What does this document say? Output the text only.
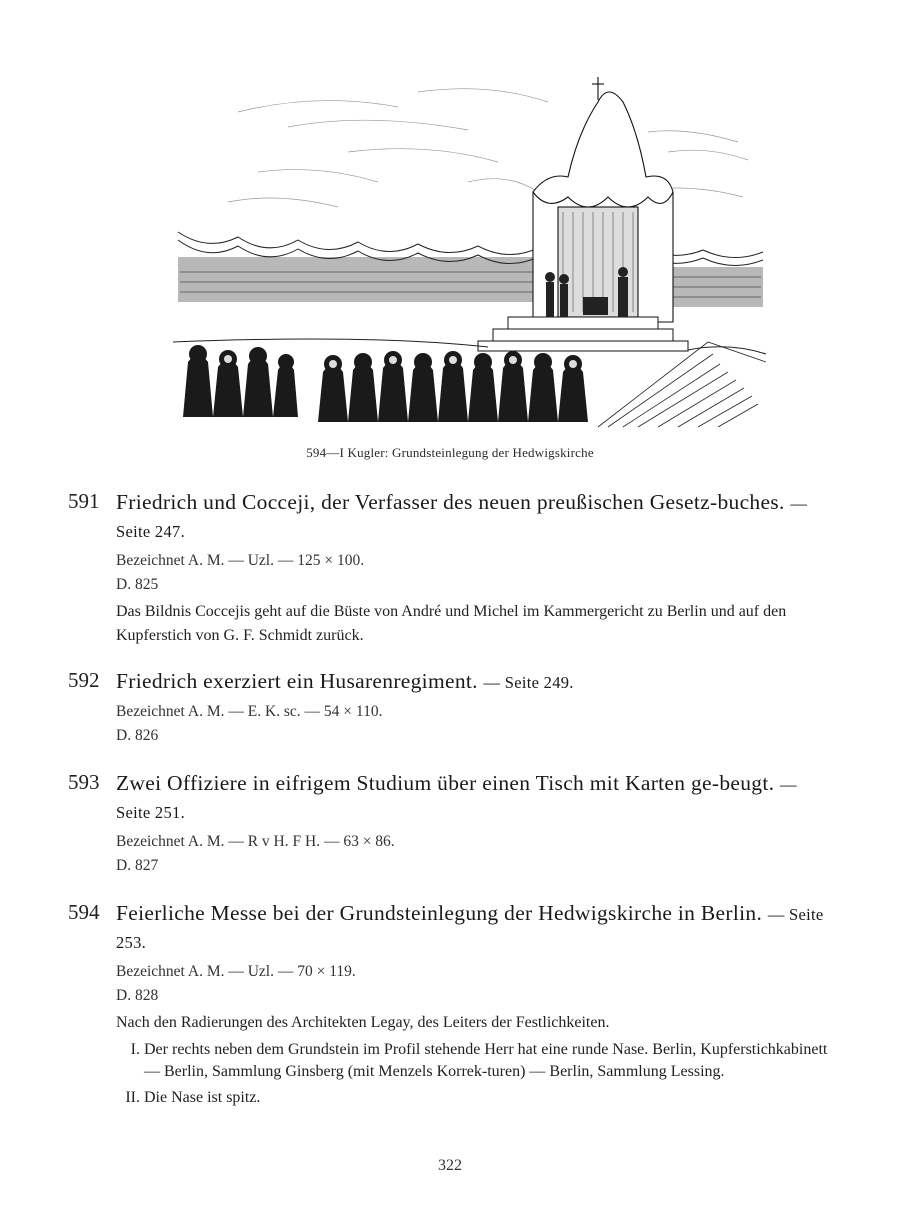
594—I Kugler: Grundsteinlegung der Hedwigskirche
591 Friedrich und Cocceji, der Verfasser des neuen preußischen Gesetz-buches. — Seite 247.
Bezeichnet A. M. — Uzl. — 125 × 100.
D. 825
Das Bildnis Coccejis geht auf die Büste von André und Michel im Kammergericht zu Berlin und auf den Kupferstich von G. F. Schmidt zurück.
592 Friedrich exerziert ein Husarenregiment. — Seite 249.
Bezeichnet A. M. — E. K. sc. — 54 × 110.
D. 826
593 Zwei Offiziere in eifrigem Studium über einen Tisch mit Karten ge-beugt. — Seite 251.
Bezeichnet A. M. — R v H. F H. — 63 × 86.
D. 827
594 Feierliche Messe bei der Grundsteinlegung der Hedwigskirche in Berlin. — Seite 253.
Bezeichnet A. M. — Uzl. — 70 × 119.
D. 828
Nach den Radierungen des Architekten Legay, des Leiters der Festlichkeiten.
I. Der rechts neben dem Grundstein im Profil stehende Herr hat eine runde Nase. Berlin, Kupferstichkabinett — Berlin, Sammlung Ginsberg (mit Menzels Korrek-turen) — Berlin, Sammlung Lessing.
II. Die Nase ist spitz.
322
